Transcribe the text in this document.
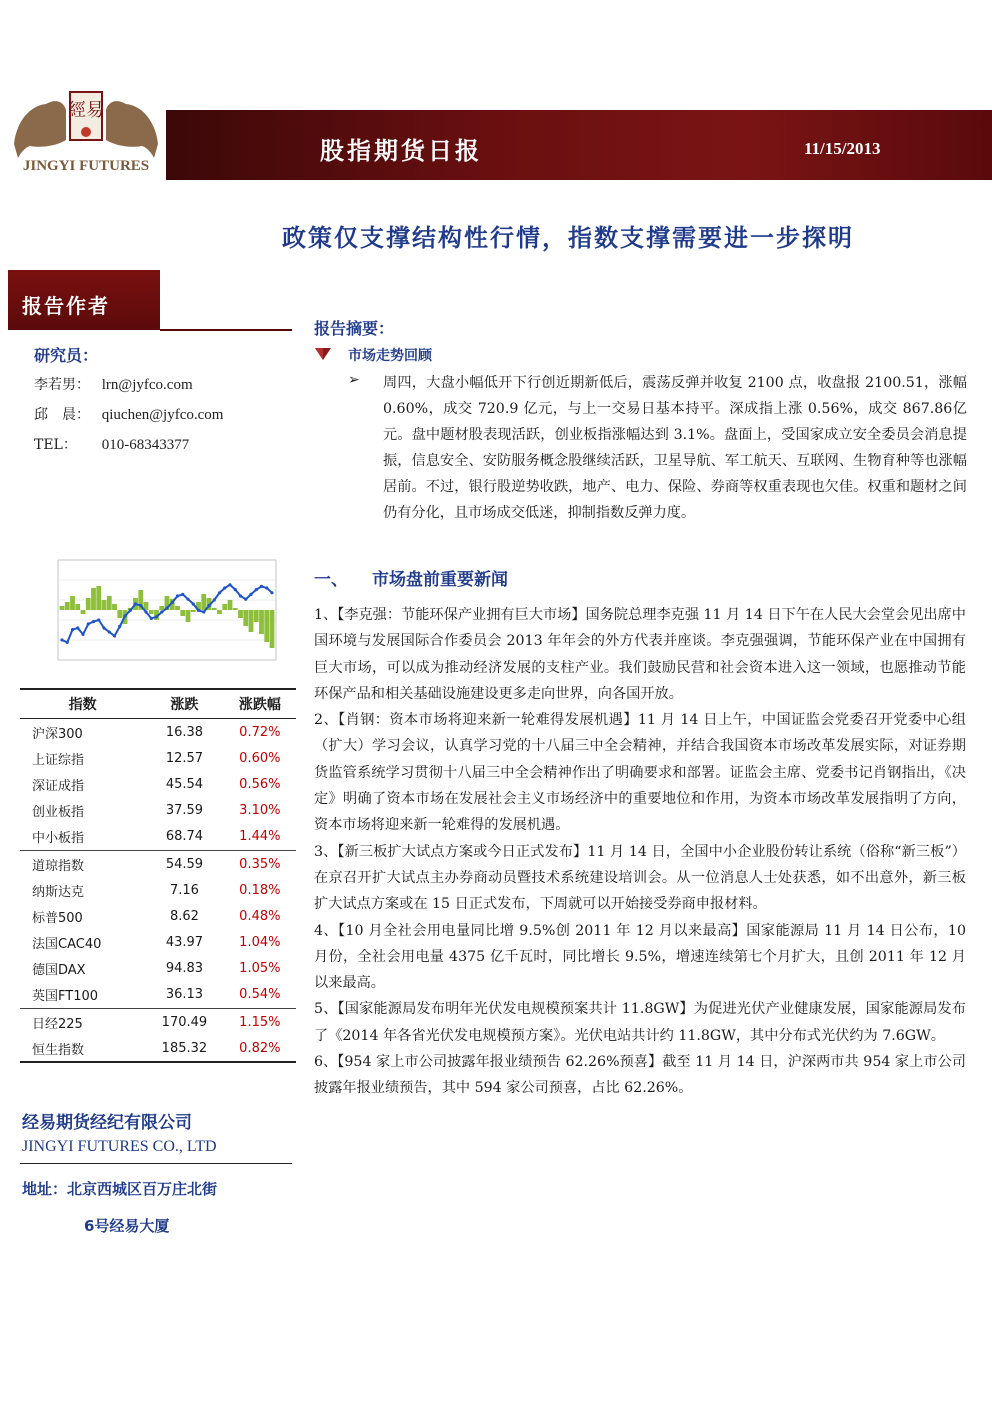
經易
JINGYI FUTURES
股指期货日报	11/15/2013
政策仅支撑结构性行情，指数支撑需要进一步探明
报告作者
研究员：
李若男： lrn@jyfco.com
邱　晨： qiuchen@jyfco.com
TEL： 010-68343377
指数	涨跌	涨跌幅
沪深300	16.38	0.72%
上证综指	12.57	0.60%
深证成指	45.54	0.56%
创业板指	37.59	3.10%
中小板指	68.74	1.44%
道琼指数	54.59	0.35%
纳斯达克	7.16	0.18%
标普500	8.62	0.48%
法国CAC40	43.97	1.04%
德国DAX	94.83	1.05%
英国FT100	36.13	0.54%
日经225	170.49	1.15%
恒生指数	185.32	0.82%
经易期货经纪有限公司
JINGYI FUTURES CO., LTD
地址：北京西城区百万庄北街
6号经易大厦
报告摘要：
市场走势回顾
➢ 周四，大盘小幅低开下行创近期新低后，震荡反弹并收复 2100 点，收盘报 2100.51，涨幅 0.60%，成交 720.9 亿元，与上一交易日基本持平。深成指上涨 0.56%，成交 867.86亿元。盘中题材股表现活跃，创业板指涨幅达到 3.1%。盘面上，受国家成立安全委员会消息提振，信息安全、安防服务概念股继续活跃，卫星导航、军工航天、互联网、生物育种等也涨幅居前。不过，银行股逆势收跌，地产、电力、保险、券商等权重表现也欠佳。权重和题材之间仍有分化，且市场成交低迷，抑制指数反弹力度。
一、 市场盘前重要新闻

1、【李克强：节能环保产业拥有巨大市场】国务院总理李克强 11 月 14 日下午在人民大会堂会见出席中国环境与发展国际合作委员会 2013 年年会的外方代表并座谈。李克强强调，节能环保产业在中国拥有巨大市场，可以成为推动经济发展的支柱产业。我们鼓励民营和社会资本进入这一领域，也愿推动节能环保产品和相关基础设施建设更多走向世界，向各国开放。

2、【肖钢：资本市场将迎来新一轮难得发展机遇】11 月 14 日上午，中国证监会党委召开党委中心组（扩大）学习会议，认真学习党的十八届三中全会精神，并结合我国资本市场改革发展实际，对证券期货监管系统学习贯彻十八届三中全会精神作出了明确要求和部署。证监会主席、党委书记肖钢指出，《决定》明确了资本市场在发展社会主义市场经济中的重要地位和作用，为资本市场改革发展指明了方向，资本市场将迎来新一轮难得的发展机遇。

3、【新三板扩大试点方案或今日正式发布】11 月 14 日，全国中小企业股份转让系统（俗称“新三板”）在京召开扩大试点主办券商动员暨技术系统建设培训会。从一位消息人士处获悉，如不出意外，新三板扩大试点方案或在 15 日正式发布，下周就可以开始接受券商申报材料。

4、【10 月全社会用电量同比增 9.5%创 2011 年 12 月以来最高】国家能源局 11 月 14 日公布，10 月份，全社会用电量 4375 亿千瓦时，同比增长 9.5%，增速连续第七个月扩大，且创 2011 年 12 月以来最高。

5、【国家能源局发布明年光伏发电规模预案共计 11.8GW】为促进光伏产业健康发展，国家能源局发布了《2014 年各省光伏发电规模预方案》。光伏电站共计约 11.8GW，其中分布式光伏约为 7.6GW。

6、【954 家上市公司披露年报业绩预告 62.26%预喜】截至 11 月 14 日，沪深两市共 954 家上市公司披露年报业绩预告，其中 594 家公司预喜，占比 62.26%。
